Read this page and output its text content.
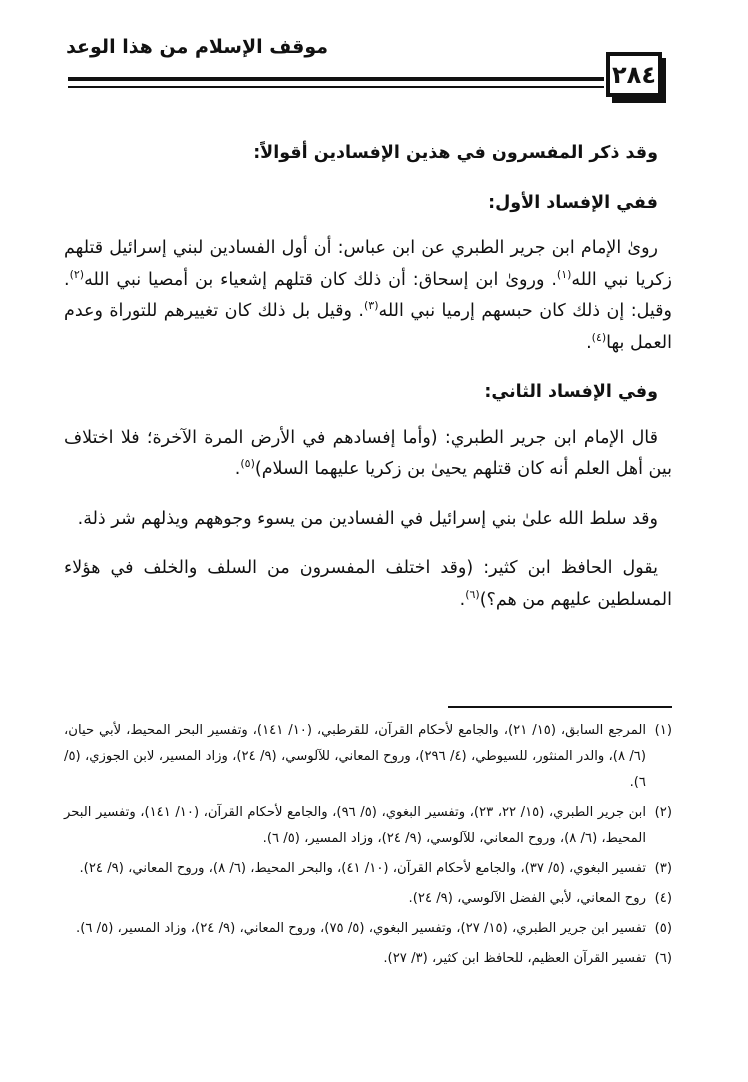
موقف الإسلام من هذا الوعد
٢٨٤

وقد ذكر المفسرون في هذين الإفسادين أقوالاً:

ففي الإفساد الأول:

روىٰ الإمام ابن جرير الطبري عن ابن عباس: أن أول الفسادين لبني إسرائيل قتلهم زكريا نبي الله$^{(١)}$. وروىٰ ابن إسحاق: أن ذلك كان قتلهم إشعياء بن أمصيا نبي الله$^{(٢)}$. وقيل: إن ذلك كان حبسهم إرميا نبي الله$^{(٣)}$. وقيل بل ذلك كان تغييرهم للتوراة وعدم العمل بها$^{(٤)}$.

وفي الإفساد الثاني:

قال الإمام ابن جرير الطبري: (وأما إفسادهم في الأرض المرة الآخرة؛ فلا اختلاف بين أهل العلم أنه كان قتلهم يحيىٰ بن زكريا عليهما السلام)$^{(٥)}$.

وقد سلط الله علىٰ بني إسرائيل في الفسادين من يسوء وجوههم ويذلهم شر ذلة.

يقول الحافظ ابن كثير: (وقد اختلف المفسرون من السلف والخلف في هؤلاء المسلطين عليهم من هم؟)$^{(٦)}$.

(١)المرجع السابق، (١٥/ ٢١)، والجامع لأحكام القرآن، للقرطبي، (١٠/ ١٤١)، وتفسير البحر المحيط، لأبي حيان، (٦/ ٨)، والدر المنثور، للسيوطي، (٤/ ٢٩٦)، وروح المعاني، للآلوسي، (٩/ ٢٤)، وزاد المسير، لابن الجوزي، (٥/ ٦).
(٢)ابن جرير الطبري، (١٥/ ٢٢، ٢٣)، وتفسير البغوي، (٥/ ٩٦)، والجامع لأحكام القرآن، (١٠/ ١٤١)، وتفسير البحر المحيط، (٦/ ٨)، وروح المعاني، للآلوسي، (٩/ ٢٤)، وزاد المسير، (٥/ ٦).
(٣)تفسير البغوي، (٥/ ٣٧)، والجامع لأحكام القرآن، (١٠/ ٤١)، والبحر المحيط، (٦/ ٨)، وروح المعاني، (٩/ ٢٤).
(٤)روح المعاني، لأبي الفضل الآلوسي، (٩/ ٢٤).
(٥)تفسير ابن جرير الطبري، (١٥/ ٢٧)، وتفسير البغوي، (٥/ ٧٥)، وروح المعاني، (٩/ ٢٤)، وزاد المسير، (٥/ ٦).
(٦)تفسير القرآن العظيم، للحافظ ابن كثير، (٣/ ٢٧).
